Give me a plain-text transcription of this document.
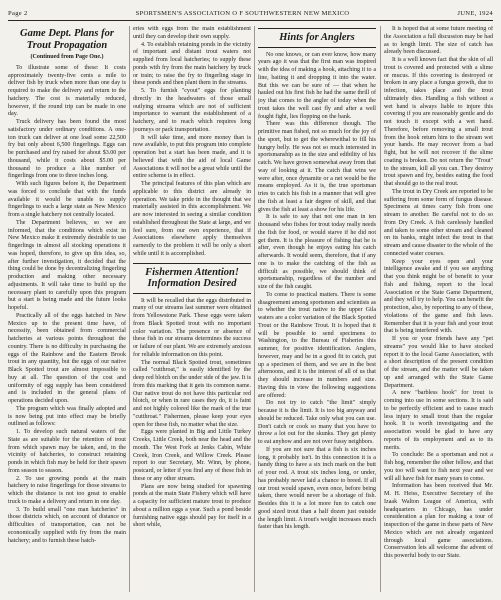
Page 2	SPORTSMEN'S ASSOCIATION O F SOUTHWESTERN NEW MEXICO	JUNE, 1924
Game Dept. Plans for Trout Propagation
(Continued from Page One.)

To illustrate some of these: It costs approximately twenty-five cents a mile to deliver fish by truck when more than one day is required to make the delivery and return to the hatchery. The cost is materially reduced, however, if the round trip can be made in one day.

Truck delivery has been found the most satisfactory under ordinary conditions. A one-ton truck can deliver at one load some 22,500 fry but only about 6,500 fingerlings. Eggs can be purchased and fry raised for about $3.00 per thousand, while it costs about $5.00 per thousand to produce a like number of fingerlings from one to three inches long.

With such figures before it, the Department was forced to conclude that with the funds available it would be unable to supply fingerlings to such a large state as New Mexico from a single hatchery not centrally located.

The Department believes, so we are informed, that the conditions which exist in New Mexico make it extremely desirable to use fingerlings in almost all stocking operations it was hoped, therefore, to give up this idea, so, after further investigation, it decided that the thing could be done by decentralizing fingerling production and making other necessary adjustments. It will take time to build up the necessary plant to carefully upon this program but a start is being made and the future looks hopeful.

Practically all of the eggs hatched in New Mexico up to the present time have, of necessity, been obtained from commercial hatcheries at various points throughout the country. There is no difficulty in purchasing the eggs of the Rainbow and the Eastern Brook trout in any quantity, but the eggs of our native Black Spotted trout are almost impossible to buy at all. The question of the cost and uniformity of egg supply has been considered and is included in the general plans of operations decided upon.

The program which was finally adopted and is now being put into effect may be briefly outlined as follows:

1. To develop such natural waters of the State as are suitable for the retention of trout from which spawn may be taken, and, in the vicinity of hatcheries, to construct retaining ponds in which fish may be held for their spawn from season to season.

2. To use growing ponds at the main hatchery to raise fingerlings for those streams to which the distance is not too great to enable truck to make a delivery and return in one day.

3. To build small "one man hatcheries" in those districts which, on account of distance or difficulties of transportation, can not be economically supplied with fry from the main hatchery; and to furnish these hatch-

eries with eggs from the main establishment until they can develop their own supply.

4. To establish retaining ponds in the vicinity of important and distant trout waters not supplied from local hatcheries; to supply these ponds with fry from the main hatchery by truck or train; to raise the fry to fingerling stage in these ponds and then plant them in the streams.

5. To furnish "cyout" eggs for planting directly in the headwaters of those small outlying streams which are not of sufficient importance to warrant the establishment of a hatchery, and to reach which requires long journeys or pack transportation.

It will take time, and more money than is now available, to put this program into complete operation but a start has been made, and it is believed that with the aid of local Game Associations it will not be a great while until the entire scheme is in effect.

The principal features of this plan which are applicable to this district are already in operation. We take pride in the thought that we materially assisted in this accomplishment. We are now interested in seeing a similar condition established throughout the State at large, and we feel sure, from our own experience, that if Associations elsewhere apply themselves earnestly to the problem it will be only a short while until it is accomplished.

Fishermen Attention! Information Desired

It will be recalled that the eggs distributed in many of our streams last summer were obtained from Yellowstone Park. These eggs were taken from Black Spotted trout with no important color variation. The presence or absence of these fish in our streams determines the success or failure of our plant. We are extremely anxious for reliable information on this point.

The normal Black Spotted trout, sometimes called "cutthroat," is easily identified by the deep red blotch on the under side of the jaw. It is from this marking that it gets its common name. Our native trout do not have this particular red blotch, or when in rare cases they do, it is faint and not highly colored like the mark of the true "cutthroat." Fishermen, please keep your eyes open for these fish, no matter what the size.

Eggs were planted in Big and Little Turkey Creeks, Little Creek, both near the head and the mouth. The West Fork at Jenks Cabin, White Creek, Iron Creek, and Willow Creek. Please report to our Secretary, Mr. Winn, by phone, postcard, or letter if you find any of these fish in these or any other stream.

Plans are now being studied for spawning ponds at the main State Fishery which will have a capacity for sufficient mature trout to produce about a million eggs a year. Such a pond beside furnishing native eggs should pay for itself in a short while,

Hints for Anglers

No one knows, or can ever know, how many years ago it was that the first man was inspired with the idea of making a hook, attaching it to a line, baiting it and dropping it into the water. But this we can be sure of — that when he hauled out his first fish he had the same thrill of joy that comes to the angler of today when the trout takes the well cast fly and after a well fought fight, lies flopping on the bank.

There was this difference though. The primitive man fished, not so much for the joy of the sport, but to get the wherewithal to fill his hungry belly. He was not so much interested in sportsmanship as in the size and edibility of his catch. We have grown somewhat away from that way of looking at it. The catch that wins we were after, once dynamite or a net would be the means employed. As it is, the true sportsman tries to catch his fish in a manner that will give the fish at least a fair degree of skill, and that gives the fish at least a show for his life.

It is safe to say that not one man in ten thousand who fishes for trout today really needs the fish for food, or would starve if he did not get them. It is the pleasure of fishing that he is after, even though he enjoys eating his catch afterwards. It would seem, therefore, that if any one is to make the catching of the fish as difficult as possible, we should think of sportsmanship, regardless of the number and size of the fish caught.

To come to practical matters. There is some disagreement among sportsmen and scientists as to whether the trout native to the upper Gila waters are a color variation of the Black Spotted Trout or the Rainbow Trout. It is hoped that it will be possible to send specimens to Washington, to the Bureau of Fisheries this summer, for positive identification. Anglers, however, may and be in a good fit to catch, put up a specimen of them, and we are in the best afternoons, and it is the interest of all of us that they should increase in numbers and size. Having this in view the following suggestions are offered:

Do not try to catch "the limit" simply because it is the limit. It is too big anyway and should be reduced. Take only what you can use. Don't catch or cook so many that you have to throw a lot out for the skunks. They get plenty to eat anyhow and are not over fussy neighbors.

If you are not sure that a fish is six inches long, it probably isn't. In this connection it is a handy thing to have a six inch mark on the butt of your rod. A trout six inches long, or under, has probably never laid a chance to breed. If all our trout would spawn, even once, before being taken, there would never be a shortage of fish. Besides this it is a lot more fun to catch one good sized trout than a half dozen just outside the length limit. A trout's weight increases much faster than his length.

It is hoped that at some future meeting of the Association a full discussion may be had as to length limit. The size of catch has already been discussed.

It is a well known fact that the skin of all trout is covered and protected with a slime or mucus. If this covering is destroyed or broken in any place a fungus growth, due to infection, takes place and the trout ultimately dies. Handling a fish without a wet hand is always liable to injure this covering if you are reasonably gentle and do not touch it except with a wet hand. Therefore, before removing a small trout from the hook return him to the stream wet your hands. He may recover from a bad fight, but he will not recover if the slime coating is broken. Do not return the "Trout" to the stream, kill all you can. They destroy trout spawn and fry, besides eating the food that should go to the real trout.

The trout in Dry Creek are reported to be suffering from some form of fungus disease. Specimens at times carry fish from one stream to another. Be careful not to do so from Dry Creek. A fish carelessly handled and taken to some other stream and cleaned on its banks, might infect the trout in that stream and cause disaster to the whole of the connected water courses.

Keep your eyes open and your intelligence awake and if you see anything that you think might be of benefit to your fish and fishing, report to the local Association or the State Game Department, and they will try to help. You can benefit the protection, also, by reporting to any of these, violations of the game and fish laws. Remember that it is your fish and your trout that is being interfered with.

If you or your friends have any "pet streams" you would like to have stocked report it to the local Game Association, with a short description of the present condition of the stream, and the matter will be taken up and arranged with the State Game Department.

A new "barbless hook" for trout is coming into use in some sections. It is said to be perfectly efficient and to cause much less injury to small trout than the regular hook. It is worth investigating and the association would be glad to have any reports of its employment and as to its merits.

To conclude: Be a sportsman and not a fish hog, remember the other fellow, and that you too will want to fish next year and we will all have fish for many years to come.

Information has been received that Mr. M. H. Heiss, Executive Secretary of the Izaak Walton League of America, with headquarters in Chicago, has under consideration a plan for making a tour of inspection of the game in these parts of New Mexico which are not already organized through local game associations. Conservation lets all welcome the advent of this powerful body to our State.
